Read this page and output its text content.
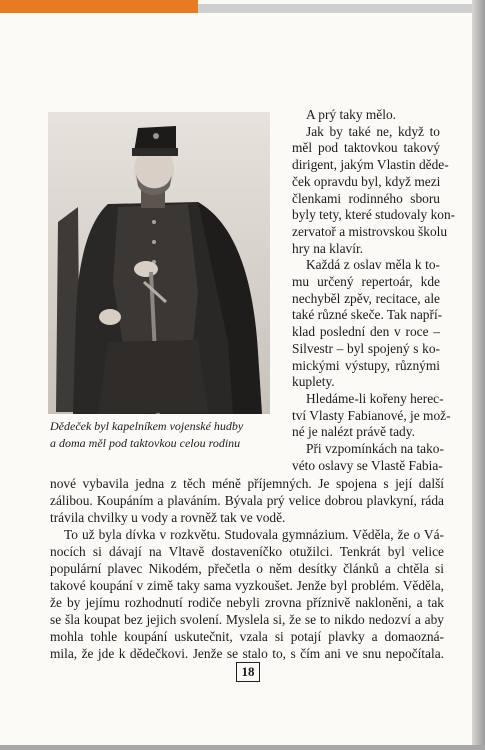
Dědeček byl kapelníkem vojenské hudby
a doma měl pod taktovkou celou rodinu
A prý taky mělo.
Jak by také ne, když to
měl pod taktovkou takový
dirigent, jakým Vlastin děde-
ček opravdu byl, když mezi
členkami rodinného sboru
byly tety, které studovaly kon-
zervatoř a mistrovskou školu
hry na klavír.
Každá z oslav měla k to-
mu určený repertoár, kde
nechyběl zpěv, recitace, ale
také různé skeče. Tak napří-
klad poslední den v roce –
Silvestr – byl spojený s ko-
mickými výstupy, různými
kuplety.
Hledáme-li kořeny herec-
tví Vlasty Fabianové, je mož-
né je nalézt právě tady.
Při vzpomínkách na tako-
véto oslavy se Vlastě Fabia-
nové vybavila jedna z těch méně příjemných. Je spojena s její další
zálibou. Koupáním a plaváním. Bývala prý velice dobrou plavkyní, ráda
trávila chvilky u vody a rovněž tak ve vodě.
To už byla dívka v rozkvětu. Studovala gymnázium. Věděla, že o Vá-
nocích si dávají na Vltavě dostaveníčko otužilci. Tenkrát byl velice
populární plavec Nikodém, přečetla o něm desítky článků a chtěla si
takové koupání v zimě taky sama vyzkoušet. Jenže byl problém. Věděla,
že by jejímu rozhodnutí rodiče nebyli zrovna příznivě nakloněni, a tak
se šla koupat bez jejich svolení. Myslela si, že se to nikdo nedozví a aby
mohla tohle koupání uskutečnit, vzala si potají plavky a domaozná-
mila, že jde k dědečkovi. Jenže se stalo to, s čím ani ve snu nepočítala.
18
